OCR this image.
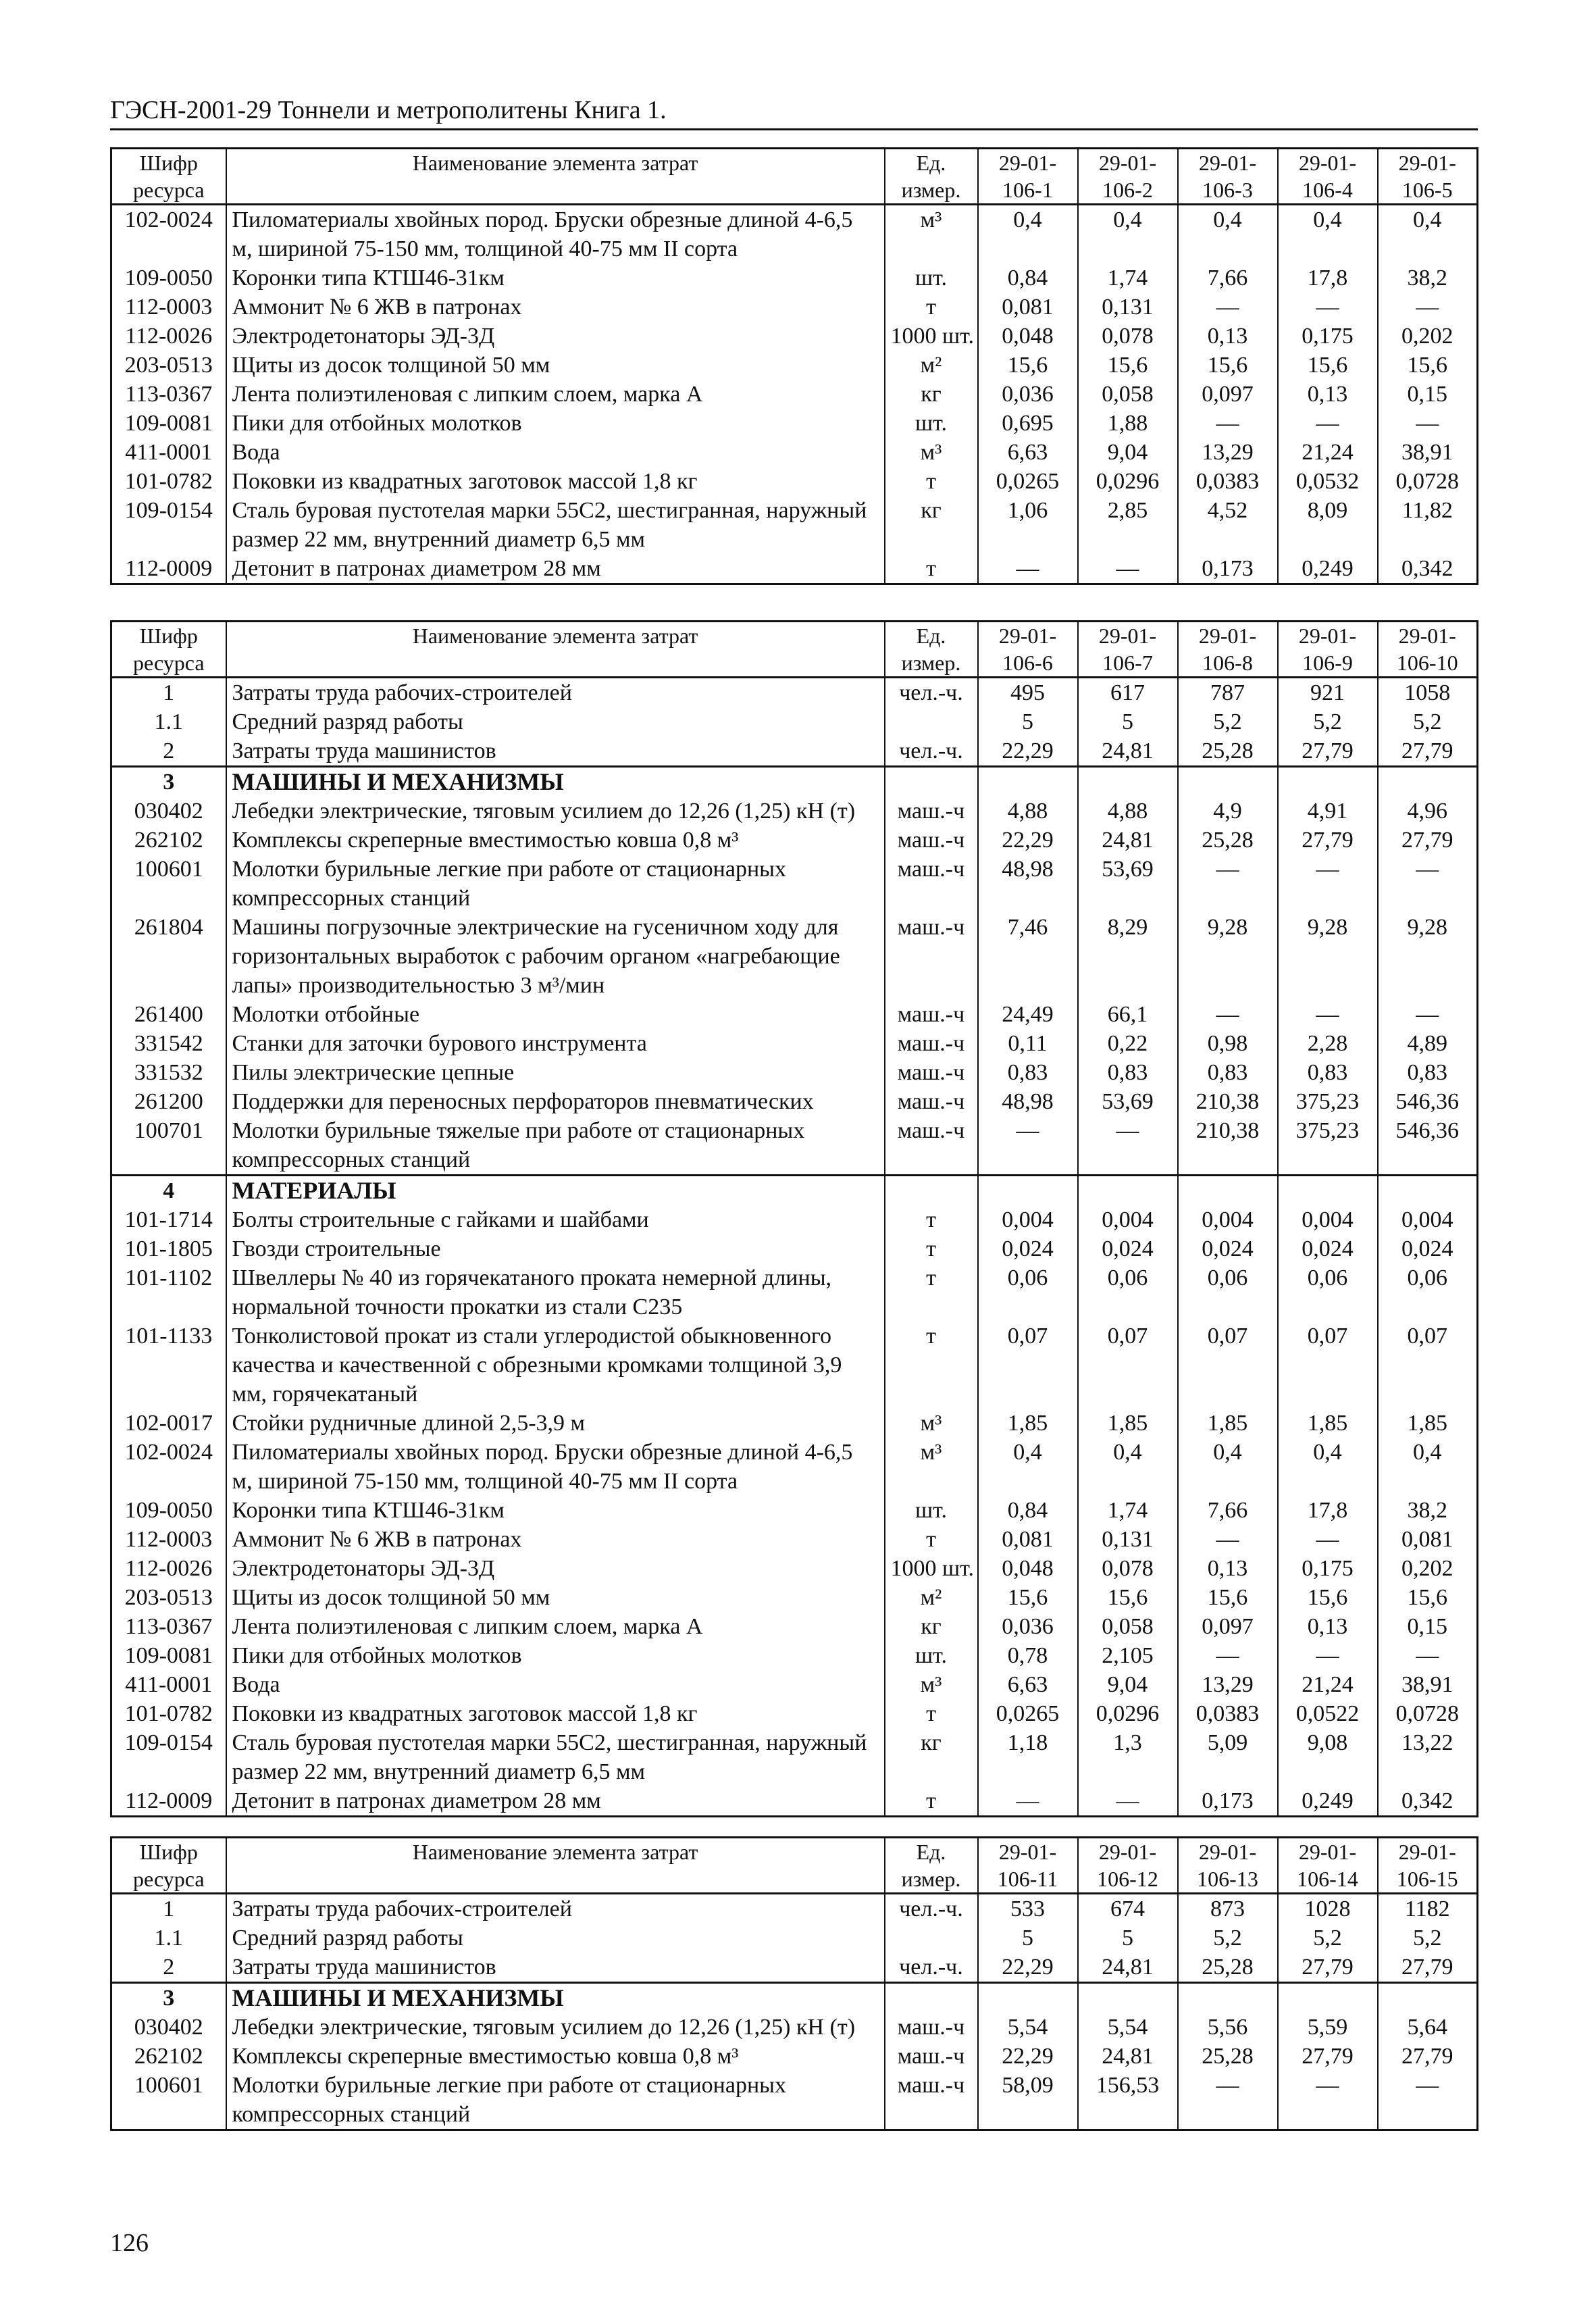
ГЭСН-2001-29 Тоннели и метрополитены Книга 1.
Шифр ресурса	Наименование элемента затрат	Ед. измер.	29-01-106-1	29-01-106-2	29-01-106-3	29-01-106-4	29-01-106-5
102-0024	Пиломатериалы хвойных пород. Бруски обрезные длиной 4-6,5 м, шириной 75-150 мм, толщиной 40-75 мм II сорта	м³	0,4	0,4	0,4	0,4	0,4
109-0050	Коронки типа КТШ46-31км	шт.	0,84	1,74	7,66	17,8	38,2
112-0003	Аммонит № 6 ЖВ в патронах	т	0,081	0,131	—	—	—
112-0026	Электродетонаторы ЭД-3Д	1000 шт.	0,048	0,078	0,13	0,175	0,202
203-0513	Щиты из досок толщиной 50 мм	м²	15,6	15,6	15,6	15,6	15,6
113-0367	Лента полиэтиленовая с липким слоем, марка А	кг	0,036	0,058	0,097	0,13	0,15
109-0081	Пики для отбойных молотков	шт.	0,695	1,88	—	—	—
411-0001	Вода	м³	6,63	9,04	13,29	21,24	38,91
101-0782	Поковки из квадратных заготовок массой 1,8 кг	т	0,0265	0,0296	0,0383	0,0532	0,0728
109-0154	Сталь буровая пустотелая марки 55С2, шестигранная, наружный размер 22 мм, внутренний диаметр 6,5 мм	кг	1,06	2,85	4,52	8,09	11,82
112-0009	Детонит в патронах диаметром 28 мм	т	—	—	0,173	0,249	0,342
Шифр ресурса	Наименование элемента затрат	Ед. измер.	29-01-106-6	29-01-106-7	29-01-106-8	29-01-106-9	29-01-106-10
1	Затраты труда рабочих-строителей	чел.-ч.	495	617	787	921	1058
1.1	Средний разряд работы		5	5	5,2	5,2	5,2
2	Затраты труда машинистов	чел.-ч.	22,29	24,81	25,28	27,79	27,79
3	МАШИНЫ И МЕХАНИЗМЫ						
030402	Лебедки электрические, тяговым усилием до 12,26 (1,25) кН (т)	маш.-ч	4,88	4,88	4,9	4,91	4,96
262102	Комплексы скреперные вместимостью ковша 0,8 м³	маш.-ч	22,29	24,81	25,28	27,79	27,79
100601	Молотки бурильные легкие при работе от стационарных компрессорных станций	маш.-ч	48,98	53,69	—	—	—
261804	Машины погрузочные электрические на гусеничном ходу для горизонтальных выработок с рабочим органом «нагребающие лапы» производительностью 3 м³/мин	маш.-ч	7,46	8,29	9,28	9,28	9,28
261400	Молотки отбойные	маш.-ч	24,49	66,1	—	—	—
331542	Станки для заточки бурового инструмента	маш.-ч	0,11	0,22	0,98	2,28	4,89
331532	Пилы электрические цепные	маш.-ч	0,83	0,83	0,83	0,83	0,83
261200	Поддержки для переносных перфораторов пневматических	маш.-ч	48,98	53,69	210,38	375,23	546,36
100701	Молотки бурильные тяжелые при работе от стационарных компрессорных станций	маш.-ч	—	—	210,38	375,23	546,36
4	МАТЕРИАЛЫ						
101-1714	Болты строительные с гайками и шайбами	т	0,004	0,004	0,004	0,004	0,004
101-1805	Гвозди строительные	т	0,024	0,024	0,024	0,024	0,024
101-1102	Швеллеры № 40 из горячекатаного проката немерной длины, нормальной точности прокатки из стали С235	т	0,06	0,06	0,06	0,06	0,06
101-1133	Тонколистовой прокат из стали углеродистой обыкновенного качества и качественной с обрезными кромками толщиной 3,9 мм, горячекатаный	т	0,07	0,07	0,07	0,07	0,07
102-0017	Стойки рудничные длиной 2,5-3,9 м	м³	1,85	1,85	1,85	1,85	1,85
102-0024	Пиломатериалы хвойных пород. Бруски обрезные длиной 4-6,5 м, шириной 75-150 мм, толщиной 40-75 мм II сорта	м³	0,4	0,4	0,4	0,4	0,4
109-0050	Коронки типа КТШ46-31км	шт.	0,84	1,74	7,66	17,8	38,2
112-0003	Аммонит № 6 ЖВ в патронах	т	0,081	0,131	—	—	0,081
112-0026	Электродетонаторы ЭД-3Д	1000 шт.	0,048	0,078	0,13	0,175	0,202
203-0513	Щиты из досок толщиной 50 мм	м²	15,6	15,6	15,6	15,6	15,6
113-0367	Лента полиэтиленовая с липким слоем, марка А	кг	0,036	0,058	0,097	0,13	0,15
109-0081	Пики для отбойных молотков	шт.	0,78	2,105	—	—	—
411-0001	Вода	м³	6,63	9,04	13,29	21,24	38,91
101-0782	Поковки из квадратных заготовок массой 1,8 кг	т	0,0265	0,0296	0,0383	0,0522	0,0728
109-0154	Сталь буровая пустотелая марки 55С2, шестигранная, наружный размер 22 мм, внутренний диаметр 6,5 мм	кг	1,18	1,3	5,09	9,08	13,22
112-0009	Детонит в патронах диаметром 28 мм	т	—	—	0,173	0,249	0,342
Шифр ресурса	Наименование элемента затрат	Ед. измер.	29-01-106-11	29-01-106-12	29-01-106-13	29-01-106-14	29-01-106-15
1	Затраты труда рабочих-строителей	чел.-ч.	533	674	873	1028	1182
1.1	Средний разряд работы		5	5	5,2	5,2	5,2
2	Затраты труда машинистов	чел.-ч.	22,29	24,81	25,28	27,79	27,79
3	МАШИНЫ И МЕХАНИЗМЫ						
030402	Лебедки электрические, тяговым усилием до 12,26 (1,25) кН (т)	маш.-ч	5,54	5,54	5,56	5,59	5,64
262102	Комплексы скреперные вместимостью ковша 0,8 м³	маш.-ч	22,29	24,81	25,28	27,79	27,79
100601	Молотки бурильные легкие при работе от стационарных компрессорных станций	маш.-ч	58,09	156,53	—	—	—
126
